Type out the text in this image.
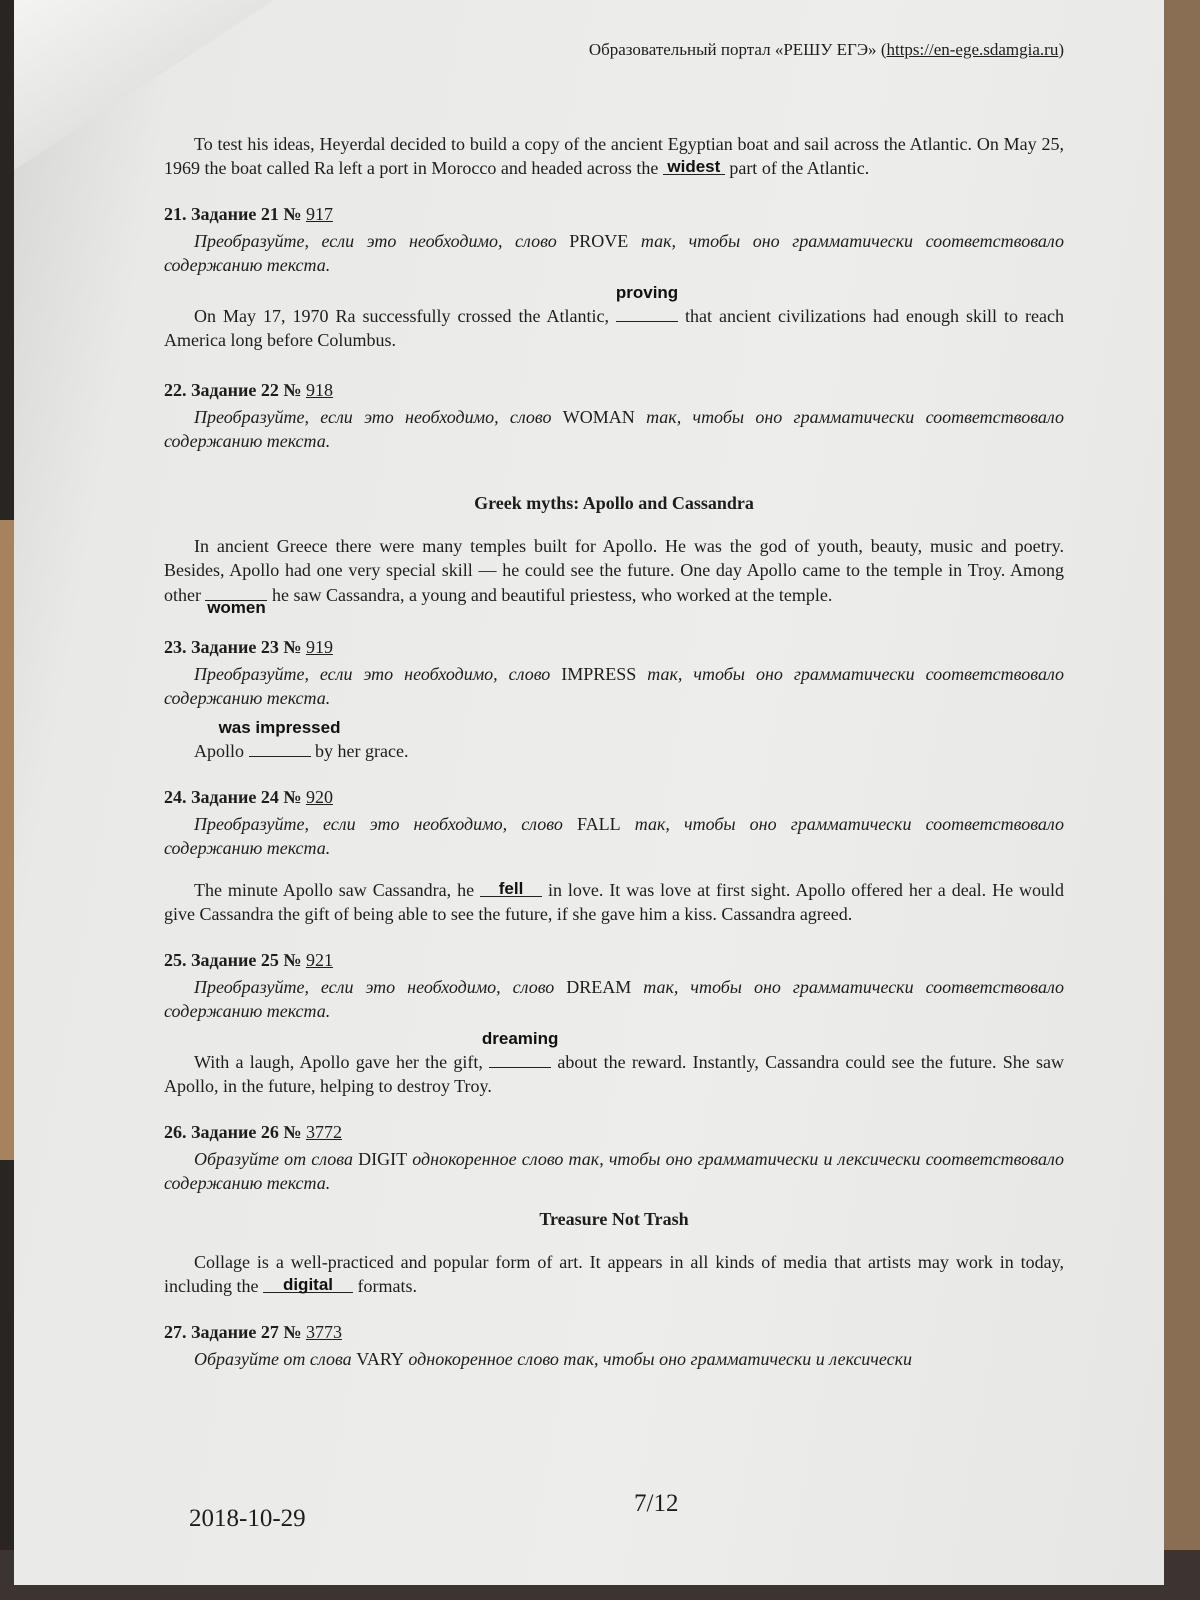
Образовательный портал «РЕШУ ЕГЭ» (https://en-ege.sdamgia.ru)

To test his ideas, Heyerdal decided to build a copy of the ancient Egyptian boat and sail across the Atlantic. On May 25, 1969 the boat called Ra left a port in Morocco and headed across the widest part of the Atlantic.

21. Задание 21 № 917

Преобразуйте, если это необходимо, слово PROVE так, чтобы оно грамматически соответствовало содержанию текста.

On May 17, 1970 Ra successfully crossed the Atlantic,
proving
that ancient civilizations had enough skill to reach America long before Columbus.

22. Задание 22 № 918

Преобразуйте, если это необходимо, слово WOMAN так, чтобы оно грамматически соответствовало содержанию текста.

Greek myths: Apollo and Cassandra

In ancient Greece there were many temples built for Apollo. He was the god of youth, beauty, music and poetry. Besides, Apollo had one very special skill — he could see the future. One day Apollo came to the temple in Troy. Among other
women
he saw Cassandra, a young and beautiful priestess, who worked at the temple.

23. Задание 23 № 919

Преобразуйте, если это необходимо, слово IMPRESS так, чтобы оно грамматически соответствовало содержанию текста.

Apollo
was impressed
by her grace.

24. Задание 24 № 920

Преобразуйте, если это необходимо, слово FALL так, чтобы оно грамматически соответствовало содержанию текста.

The minute Apollo saw Cassandra, he fell in love. It was love at first sight. Apollo offered her a deal. He would give Cassandra the gift of being able to see the future, if she gave him a kiss. Cassandra agreed.

25. Задание 25 № 921

Преобразуйте, если это необходимо, слово DREAM так, чтобы оно грамматически соответствовало содержанию текста.

With a laugh, Apollo gave her the gift,
dreaming
about the reward. Instantly, Cassandra could see the future. She saw Apollo, in the future, helping to destroy Troy.

26. Задание 26 № 3772

Образуйте от слова DIGIT однокоренное слово так, чтобы оно грамматически и лексически соответствовало содержанию текста.

Treasure Not Trash

Collage is a well-practiced and popular form of art. It appears in all kinds of media that artists may work in today, including the digital formats.

27. Задание 27 № 3773

Образуйте от слова VARY однокоренное слово так, чтобы оно грамматически и лексически

7/12
2018-10-29
